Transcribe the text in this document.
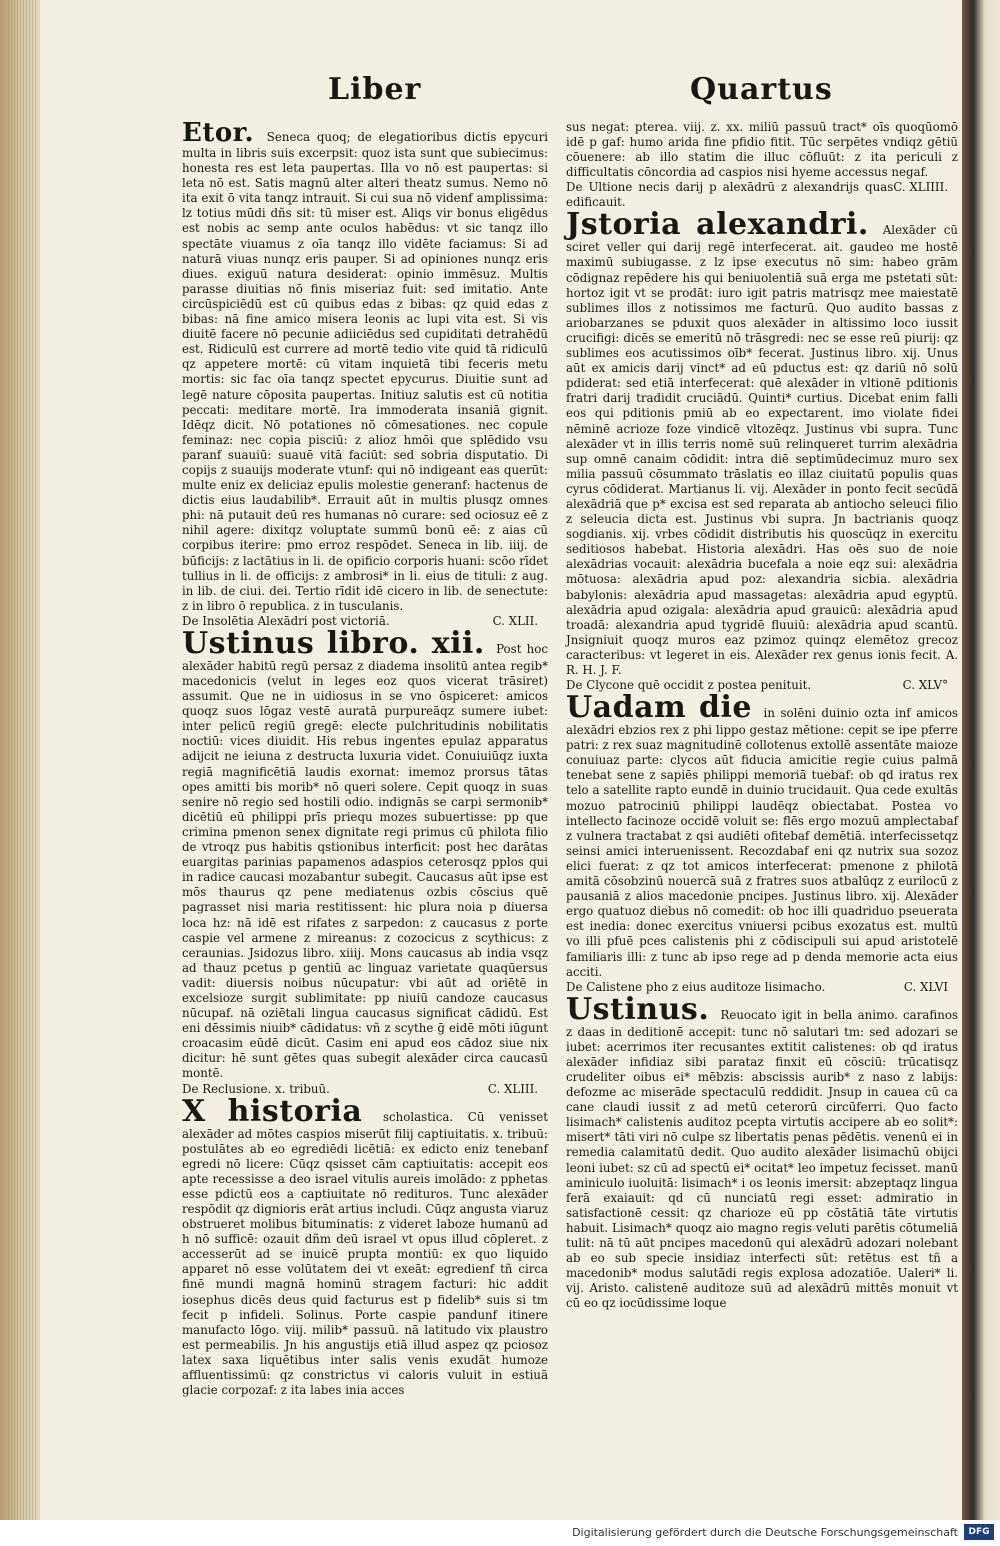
Liber	Quartus

Etor. Seneca quoq; de elegatioribus dictis epycuri multa in libris suis excerpsit: quoz ista sunt que subiecimus: honesta res est leta paupertas. Illa vo nō est paupertas: si leta nō est. Satis magnū alter alteri theatz sumus. Nemo nō ita exit ō vita tanqz intrauit. Si cui sua nō videnf amplissima: lz totius mūdi dñs sit: tū miser est. Aliqs vir bonus eligēdus est nobis ac semp ante oculos habēdus: vt sic tanqz illo spectāte viuamus z oīa tanqz illo vidēte faciamus: Si ad naturā viuas nunqz eris pauper. Si ad opiniones nunqz eris diues. exiguū natura desiderat: opinio immēsuz. Multis parasse diuitias nō finis miseriaz fuit: sed imitatio. Ante circūspiciēdū est cū quibus edas z bibas: qz quid edas z bibas: nā fine amico misera leonis ac lupi vita est. Si vis diuitē facere nō pecunie adiiciēdus sed cupiditati detrahēdū est. Ridiculū est currere ad mortē tedio vite quid tā ridiculū qz appetere mortē: cū vitam inquietā tibi feceris metu mortis: sic fac oīa tanqz spectet epycurus. Diuitie sunt ad legē nature cōposita paupertas. Initiuz salutis est cū notitia peccati: meditare mortē. Ira immoderata insaniā gignit. Idēqz dicit. Nō potationes nō cōmesationes. nec copule feminaz: nec copia pisciū: z alioz hmōi que splēdido vsu paranf suauiū: suauē vitā faciūt: sed sobria disputatio. Di copijs z suauijs moderate vtunf: qui nō indigeant eas querūt: multe eniz ex deliciaz epulis molestie generanf: hactenus de dictis eius laudabilib*. Errauit aūt in multis plusqz omnes phi: nā putauit deū res humanas nō curare: sed ociosuz eē z nihil agere: dixitqz voluptate summū bonū eē: z aias cū corpibus iterire: pmo erroz respōdet. Seneca in lib. iiij. de būficijs: z lactātius in li. de opificio corporis huani: scōo rīdet tullius in li. de officijs: z ambrosi* in li. eius de tituli: z aug. in lib. de ciui. dei. Tertio rīdit idē cicero in lib. de senectute: z in libro ō republica. z in tusculanis.

C. XLII.
De Insolētia Alexādri post victoriā.

Ustinus libro. xii. Post hoc alexāder habitū regū persaz z diadema insolitū antea regib* macedonicis (velut in leges eoz quos vicerat trāsiret) assumit. Que ne in uidiosus in se vno ōspiceret: amicos quoqz suos lōgaz vestē auratā purpureāqz sumere iubet: inter pelicū regiū gregē: electe pulchritudinis nobilitatis noctiū: vices diuidit. His rebus ingentes epulaz apparatus adijcit ne ieiuna z destructa luxuria videt. Conuiuiūqz iuxta regiā magnificētiā laudis exornat: imemoz prorsus tātas opes amitti bis morib* nō queri solere. Cepit quoqz in suas senire nō regio sed hostili odio. indignās se carpi sermonib* dicētiū eū philippi prīs priequ mozes subuertisse: pp que crimina pmenon senex dignitate regi primus cū philota filio de vtroqz pus habitis qstionibus interficit: post hec darātas euargitas parinias papamenos adaspios ceterosqz pplos qui in radice caucasi mozabantur subegit. Caucasus aūt ipse est mōs thaurus qz pene mediatenus ozbis cōscius quē pagrasset nisi maria restitissent: hic plura noia p diuersa loca hz: nā idē est rifates z sarpedon: z caucasus z porte caspie vel armene z mireanus: z cozocicus z scythicus: z ceraunias. Jsidozus libro. xiiij. Mons caucasus ab india vsqz ad thauz pcetus p gentiū ac linguaz varietate quaqūersus vadit: diuersis noibus nūcupatur: vbi aūt ad oriētē in excelsioze surgit sublimitate: pp niuiū candoze caucasus nūcupaf. nā oziētali lingua caucasus significat cādidū. Est eni dēssimis niuib* cādidatus: vñ z scythe ḡ eidē mōti iūgunt croacasim eūdē dicūt. Casim eni apud eos cādoz siue nix dicitur: hē sunt gētes quas subegit alexāder circa caucasū montē.

C. XLIII.
De Reclusione. x. tribuū.

X historia scholastica. Cū venisset alexāder ad mōtes caspios miserūt filij captiuitatis. x. tribuū: postulātes ab eo egrediēdi licētiā: ex edicto eniz tenebanf egredi nō licere: Cūqz qsisset cām captiuitatis: accepit eos apte recessisse a deo israel vitulis aureis imolādo: z pphetas esse pdictū eos a captiuitate nō redituros. Tunc alexāder respōdit qz dignioris erāt artius includi. Cūqz angusta viaruz obstrueret molibus bituminatis: z videret laboze humanū ad h nō sufficē: ozauit dñm deū israel vt opus illud cōpleret. z accesserūt ad se inuicē prupta montiū: ex quo liquido apparet nō esse volūtatem dei vt exeāt: egredienf tñ circa finē mundi magnā hominū stragem facturi: hic addit iosephus dicēs deus quid facturus est p fidelib* suis si tm fecit p infideli. Solinus. Porte caspie pandunf itinere manufacto lōgo. viij. milib* passuū. nā latitudo vix plaustro est permeabilis. Jn his angustijs etiā illud aspez qz pciosoz latex saxa liquētibus inter salis venis exudāt humoze affluentissimū: qz constrictus vi caloris vuluit in estiuā glacie corpozaf: z ita labes inia acces

sus negat: pterea. viij. z. xx. miliū passuū tract* oīs quoqūomō idē p gaf: humo arida fine pfidio fitit. Tūc serpētes vndiqz gētiū cōuenere: ab illo statim die illuc cōfluūt: z ita periculi z difficultatis cōncordia ad caspios nisi hyeme accessus negaf.

C. XLIIII.
De Ultione necis darij p alexādrū z alexandrijs quas edificauit.

Jstoria alexandri. Alexāder cū sciret veller qui darij regē interfecerat. ait. gaudeo me hostē maximū subiugasse. z lz ipse executus nō sim: habeo grām cōdignaz repēdere his qui beniuolentiā suā erga me pstetati sūt: hortoz igit vt se prodāt: iuro igit patris matrisqz mee maiestatē sublimes illos z notissimos me facturū. Quo audito bassas z ariobarzanes se pduxit quos alexāder in altissimo loco iussit crucifigi: dicēs se emeritū nō trāsgredi: nec se esse reū piurij: qz sublimes eos acutissimos oīb* fecerat. Justinus libro. xij. Unus aūt ex amicis darij vinct* ad eū pductus est: qz dariū nō solū pdiderat: sed etiā interfecerat: quē alexāder in vltionē pditionis fratri darij tradidit cruciādū. Quinti* curtius. Dicebat enim falli eos qui pditionis pmiū ab eo expectarent. imo violate fidei nēminē acrioze foze vindicē vltozēqz. Justinus vbi supra. Tunc alexāder vt in illis terris nomē suū relinqueret turrim alexādria sup omnē canaim cōdidit: intra diē septimūdecimuz muro sex milia passuū cōsummato trāslatis eo illaz ciuitatū populis quas cyrus cōdiderat. Martianus li. vij. Alexāder in ponto fecit secūdā alexādriā que p* excisa est sed reparata ab antiocho seleuci filio z seleucia dicta est. Justinus vbi supra. Jn bactrianis quoqz sogdianis. xij. vrbes cōdidit distributis his quoscūqz in exercitu seditiosos habebat. Historia alexādri. Has oēs suo de noie alexādrias vocauit: alexādria bucefala a noie eqz sui: alexādria mōtuosa: alexādria apud poz: alexandria sicbia. alexādria babylonis: alexādria apud massagetas: alexādria apud egyptū. alexādria apud ozigala: alexādria apud grauicū: alexādria apud troadā: alexandria apud tygridē fluuiū: alexādria apud scantū. Jnsigniuit quoqz muros eaz pzimoz quinqz elemētoz grecoz caracteribus: vt legeret in eis. Alexāder rex genus ionis fecit. A. R. H. J. F.

C. XLV°
De Clycone quē occidit z postea penituit.

Uadam die in solēni duinio ozta inf amicos alexādri ebzios rex z phi lippo gestaz mētione: cepit se ipe pferre patri: z rex suaz magnitudinē collotenus extollē assentāte maioze conuiuaz parte: clycos aūt fiducia amicitie regie cuius palmā tenebat sene z sapiēs philippi memoriā tuebaf: ob qd iratus rex telo a satellite rapto eundē in duinio trucidauit. Qua cede exultās mozuo patrociniū philippi laudēqz obiectabat. Postea vo intellecto facinoze occidē voluit se: flēs ergo mozuū amplectabaf z vulnera tractabat z qsi audiēti ofitebaf demētiā. interfecissetqz seinsi amici interuenissent. Recozdabaf eni qz nutrix sua sozoz elici fuerat: z qz tot amicos interfecerat: pmenone z philotā amitā cōsobzinū nouercā suā z fratres suos atbalūqz z eurilocū z pausaniā z alios macedonie pncipes. Justinus libro. xij. Alexāder ergo quatuoz diebus nō comedit: ob hoc illi quadriduo pseuerata est inedia: donec exercitus vniuersi pcibus exozatus est. multū vo illi pfuē pces calistenis phi z cōdiscipuli sui apud aristotelē familiaris illi: z tunc ab ipso rege ad p denda memorie acta eius acciti.

C. XLVI
De Calistene pho z eius auditoze lisimacho.

Ustinus. Reuocato igit in bella animo. carafinos z daas in deditionē accepit: tunc nō salutari tm: sed adozari se iubet: acerrimos iter recusantes extitit calistenes: ob qd iratus alexāder infidiaz sibi parataz finxit eū cōsciū: trūcatisqz crudeliter oibus ei* mēbzis: abscissis aurib* z naso z labijs: defozme ac miserāde spectaculū reddidit. Jnsup in cauea cū ca cane claudi iussit z ad metū ceterorū circūferri. Quo facto lisimach* calistenis auditoz pcepta virtutis accipere ab eo solit*: misert* tāti viri nō culpe sz libertatis penas pēdētis. venenū ei in remedia calamitatū dedit. Quo audito alexāder lisimachū obijci leoni iubet: sz cū ad spectū ei* ocitat* leo impetuz fecisset. manū aminiculo iuoluitā: lisimach* i os leonis imersit: abzeptaqz lingua ferā exaiauit: qd cū nunciatū regi esset: admiratio in satisfactionē cessit: qz charioze eū pp cōstātiā tāte virtutis habuit. Lisimach* quoqz aio magno regis veluti parētis cōtumeliā tulit: nā tū aūt pncipes macedonū qui alexādrū adozari nolebant ab eo sub specie insidiaz interfecti sūt: retētus est tñ a macedonib* modus salutādi regis explosa adozatiōe. Ualeri* li. vij. Aristo. calistenē auditoze suū ad alexādrū mittēs monuit vt cū eo qz iocūdissime loque

Digitalisierung gefördert durch die Deutsche Forschungsgemeinschaft	DFG
